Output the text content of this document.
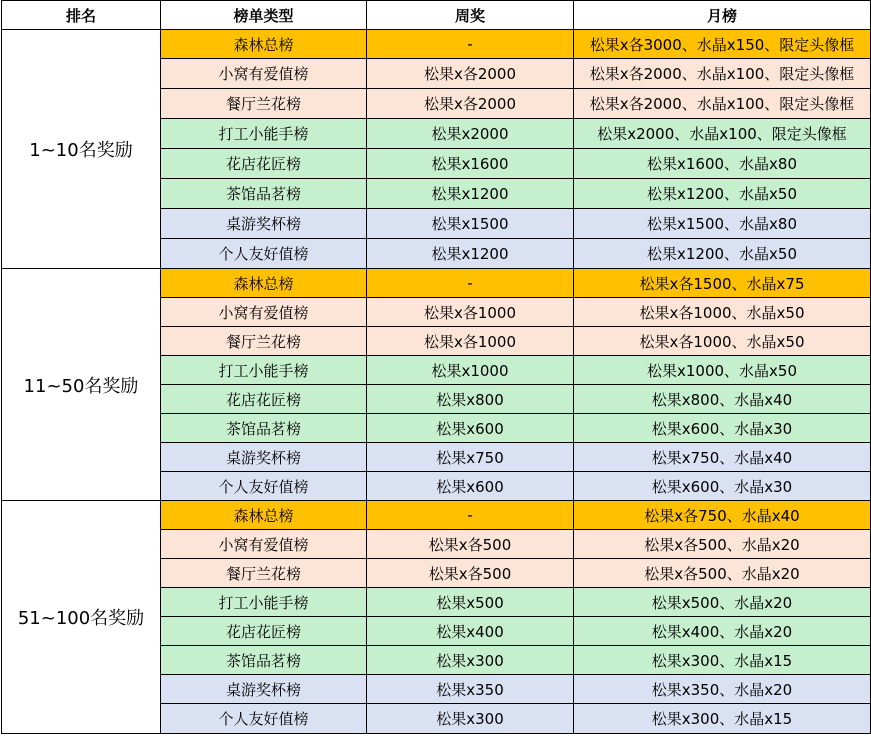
排名	榜单类型	周奖	月榜
1~10名奖励	森林总榜	-	松果x各3000、水晶x150、限定头像框
	小窝有爱值榜	松果x各2000	松果x各2000、水晶x100、限定头像框
	餐厅兰花榜	松果x各2000	松果x各2000、水晶x100、限定头像框
	打工小能手榜	松果x2000	松果x2000、水晶x100、限定头像框
	花店花匠榜	松果x1600	松果x1600、水晶x80
	茶馆品茗榜	松果x1200	松果x1200、水晶x50
	桌游奖杯榜	松果x1500	松果x1500、水晶x80
	个人友好值榜	松果x1200	松果x1200、水晶x50
11~50名奖励	森林总榜	-	松果x各1500、水晶x75
	小窝有爱值榜	松果x各1000	松果x各1000、水晶x50
	餐厅兰花榜	松果x各1000	松果x各1000、水晶x50
	打工小能手榜	松果x1000	松果x1000、水晶x50
	花店花匠榜	松果x800	松果x800、水晶x40
	茶馆品茗榜	松果x600	松果x600、水晶x30
	桌游奖杯榜	松果x750	松果x750、水晶x40
	个人友好值榜	松果x600	松果x600、水晶x30
51~100名奖励	森林总榜	-	松果x各750、水晶x40
	小窝有爱值榜	松果x各500	松果x各500、水晶x20
	餐厅兰花榜	松果x各500	松果x各500、水晶x20
	打工小能手榜	松果x500	松果x500、水晶x20
	花店花匠榜	松果x400	松果x400、水晶x20
	茶馆品茗榜	松果x300	松果x300、水晶x15
	桌游奖杯榜	松果x350	松果x350、水晶x20
	个人友好值榜	松果x300	松果x300、水晶x15
